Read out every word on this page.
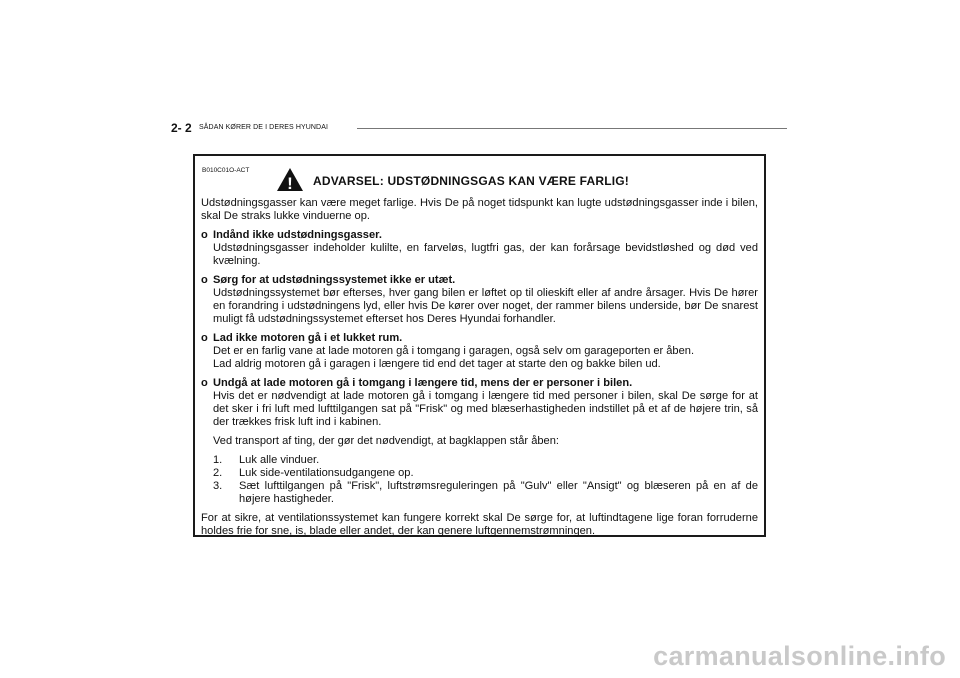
2- 2 SÅDAN KØRER DE I DERES HYUNDAI
B010C01O-ACT
! ADVARSEL: UDSTØDNINGSGAS KAN VÆRE FARLIG!

Udstødningsgasser kan være meget farlige. Hvis De på noget tidspunkt kan lugte udstødningsgasser inde i bilen, skal De straks lukke vinduerne op.

o Indånd ikke udstødningsgasser.
Udstødningsgasser indeholder kulilte, en farveløs, lugtfri gas, der kan forårsage bevidstløshed og død ved kvælning.
o Sørg for at udstødningssystemet ikke er utæt.
Udstødningssystemet bør efterses, hver gang bilen er løftet op til olieskift eller af andre årsager. Hvis De hører en forandring i udstødningens lyd, eller hvis De kører over noget, der rammer bilens underside, bør De snarest muligt få udstødningssystemet efterset hos Deres Hyundai forhandler.
o Lad ikke motoren gå i et lukket rum.
Det er en farlig vane at lade motoren gå i tomgang i garagen, også selv om garageporten er åben.
Lad aldrig motoren gå i garagen i længere tid end det tager at starte den og bakke bilen ud.
o Undgå at lade motoren gå i tomgang i længere tid, mens der er personer i bilen.
Hvis det er nødvendigt at lade motoren gå i tomgang i længere tid med personer i bilen, skal De sørge for at det sker i fri luft med lufttilgangen sat på "Frisk" og med blæserhastigheden indstillet på et af de højere trin, så der trækkes frisk luft ind i kabinen.
Ved transport af ting, der gør det nødvendigt, at bagklappen står åben:
1.	Luk alle vinduer.
2.	Luk side-ventilationsudgangene op.
3.	Sæt lufttilgangen på "Frisk", luftstrømsreguleringen på "Gulv" eller "Ansigt" og blæseren på en af de højere hastigheder.

For at sikre, at ventilationssystemet kan fungere korrekt skal De sørge for, at luftindtagene lige foran forruderne holdes frie for sne, is, blade eller andet, der kan genere luftgennemstrømningen.

carmanualsonline.info
